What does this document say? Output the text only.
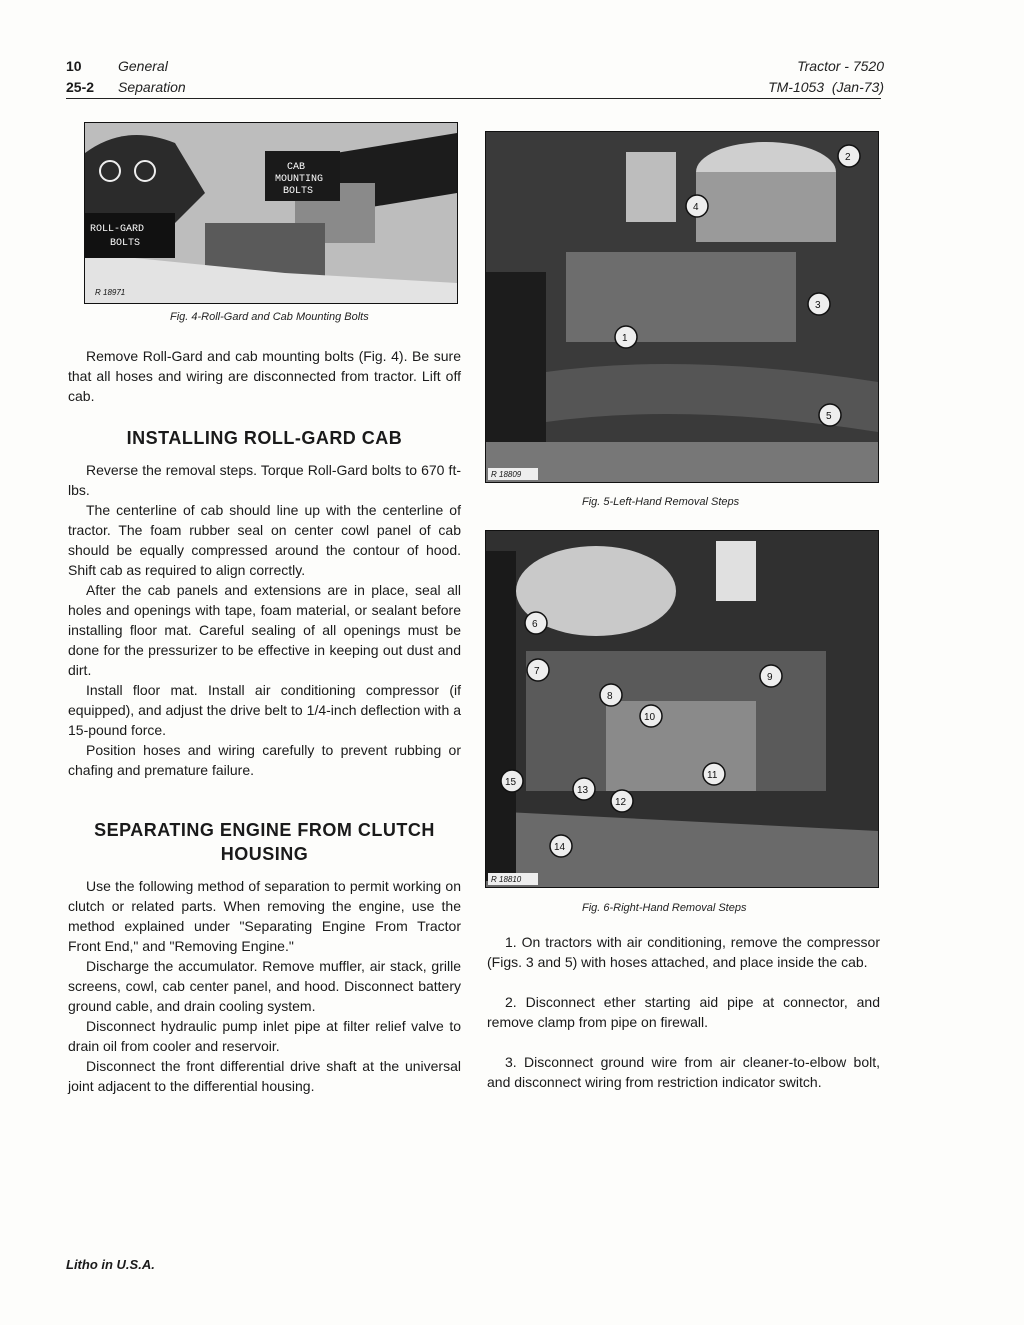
10	General
25-2 Separation
Tractor - 7520
TM-1053  (Jan-73)
CAB
MOUNTING
BOLTS
ROLL-GARD
BOLTS
R 18971
Fig. 4-Roll-Gard and Cab Mounting Bolts

Remove Roll-Gard and cab mounting bolts (Fig. 4). Be sure that all hoses and wiring are disconnected from tractor. Lift off cab.

INSTALLING ROLL-GARD CAB

Reverse the removal steps. Torque Roll-Gard bolts to 670 ft-lbs.

The centerline of cab should line up with the centerline of tractor. The foam rubber seal on center cowl panel of cab should be equally compressed around the contour of hood. Shift cab as required to align correctly.

After the cab panels and extensions are in place, seal all holes and openings with tape, foam material, or sealant before installing floor mat. Careful sealing of all openings must be done for the pressurizer to be effective in keeping out dust and dirt.

Install floor mat. Install air conditioning compressor (if equipped), and adjust the drive belt to 1/4-inch deflection with a 15-pound force.

Position hoses and wiring carefully to prevent rubbing or chafing and premature failure.

SEPARATING ENGINE FROM CLUTCH HOUSING

Use the following method of separation to permit working on clutch or related parts. When removing the engine, use the method explained under "Separating Engine From Tractor Front End," and "Removing Engine."

Discharge the accumulator. Remove muffler, air stack, grille screens, cowl, cab center panel, and hood. Disconnect battery ground cable, and drain cooling system.

Disconnect hydraulic pump inlet pipe at filter relief valve to drain oil from cooler and reservoir.

Disconnect the front differential drive shaft at the universal joint adjacent to the differential housing.

1
2
3
4
5
R 18809
Fig. 5-Left-Hand Removal Steps
6
7
8
9
10
11
12
13
14
15
R 18810
Fig. 6-Right-Hand Removal Steps

1. On tractors with air conditioning, remove the compressor (Figs. 3 and 5) with hoses attached, and place inside the cab.

2. Disconnect ether starting aid pipe at connector, and remove clamp from pipe on firewall.

3. Disconnect ground wire from air cleaner-to-elbow bolt, and disconnect wiring from restriction indicator switch.

Litho in U.S.A.
